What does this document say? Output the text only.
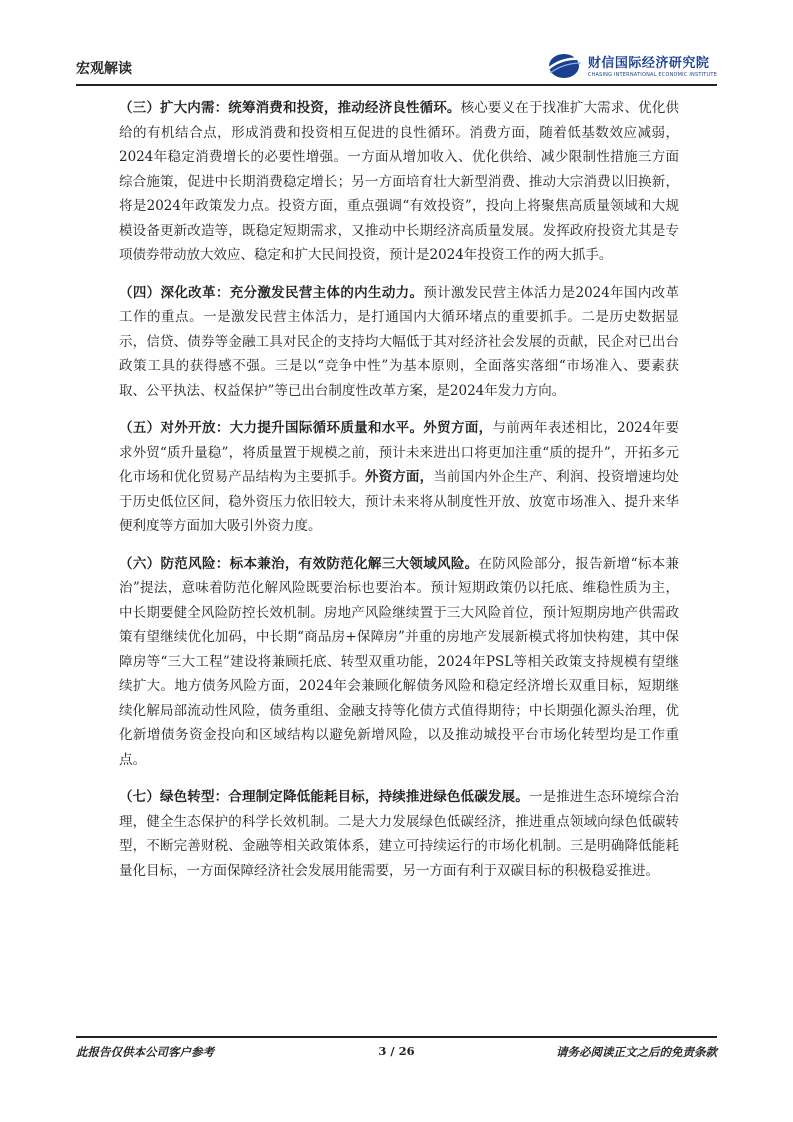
宏观解读	财信国际经济研究院
CHASING INTERNATIONAL ECONOMIC INSTITUTE

（三）扩大内需：统筹消费和投资，推动经济良性循环。核心要义在于找准扩大需求、优化供给的有机结合点，形成消费和投资相互促进的良性循环。消费方面，随着低基数效应减弱，2024年稳定消费增长的必要性增强。一方面从增加收入、优化供给、减少限制性措施三方面综合施策，促进中长期消费稳定增长；另一方面培育壮大新型消费、推动大宗消费以旧换新，将是2024年政策发力点。投资方面，重点强调“有效投资”，投向上将聚焦高质量领域和大规模设备更新改造等，既稳定短期需求，又推动中长期经济高质量发展。发挥政府投资尤其是专项债券带动放大效应、稳定和扩大民间投资，预计是2024年投资工作的两大抓手。

（四）深化改革：充分激发民营主体的内生动力。预计激发民营主体活力是2024年国内改革工作的重点。一是激发民营主体活力，是打通国内大循环堵点的重要抓手。二是历史数据显示，信贷、债券等金融工具对民企的支持均大幅低于其对经济社会发展的贡献，民企对已出台政策工具的获得感不强。三是以“竞争中性”为基本原则，全面落实落细“市场准入、要素获取、公平执法、权益保护”等已出台制度性改革方案，是2024年发力方向。

（五）对外开放：大力提升国际循环质量和水平。外贸方面，与前两年表述相比，2024年要求外贸“质升量稳”，将质量置于规模之前，预计未来进出口将更加注重“质的提升”，开拓多元化市场和优化贸易产品结构为主要抓手。外资方面，当前国内外企生产、利润、投资增速均处于历史低位区间，稳外资压力依旧较大，预计未来将从制度性开放、放宽市场准入、提升来华便利度等方面加大吸引外资力度。

（六）防范风险：标本兼治，有效防范化解三大领域风险。在防风险部分，报告新增“标本兼治”提法，意味着防范化解风险既要治标也要治本。预计短期政策仍以托底、维稳性质为主，中长期要健全风险防控长效机制。房地产风险继续置于三大风险首位，预计短期房地产供需政策有望继续优化加码，中长期“商品房+保障房”并重的房地产发展新模式将加快构建，其中保障房等“三大工程”建设将兼顾托底、转型双重功能，2024年PSL等相关政策支持规模有望继续扩大。地方债务风险方面，2024年会兼顾化解债务风险和稳定经济增长双重目标，短期继续化解局部流动性风险，债务重组、金融支持等化债方式值得期待；中长期强化源头治理，优化新增债务资金投向和区域结构以避免新增风险，以及推动城投平台市场化转型均是工作重点。

（七）绿色转型：合理制定降低能耗目标，持续推进绿色低碳发展。一是推进生态环境综合治理，健全生态保护的科学长效机制。二是大力发展绿色低碳经济，推进重点领域向绿色低碳转型，不断完善财税、金融等相关政策体系，建立可持续运行的市场化机制。三是明确降低能耗量化目标，一方面保障经济社会发展用能需要，另一方面有利于双碳目标的积极稳妥推进。

此报告仅供本公司客户参考	3 / 26	请务必阅读正文之后的免责条款
